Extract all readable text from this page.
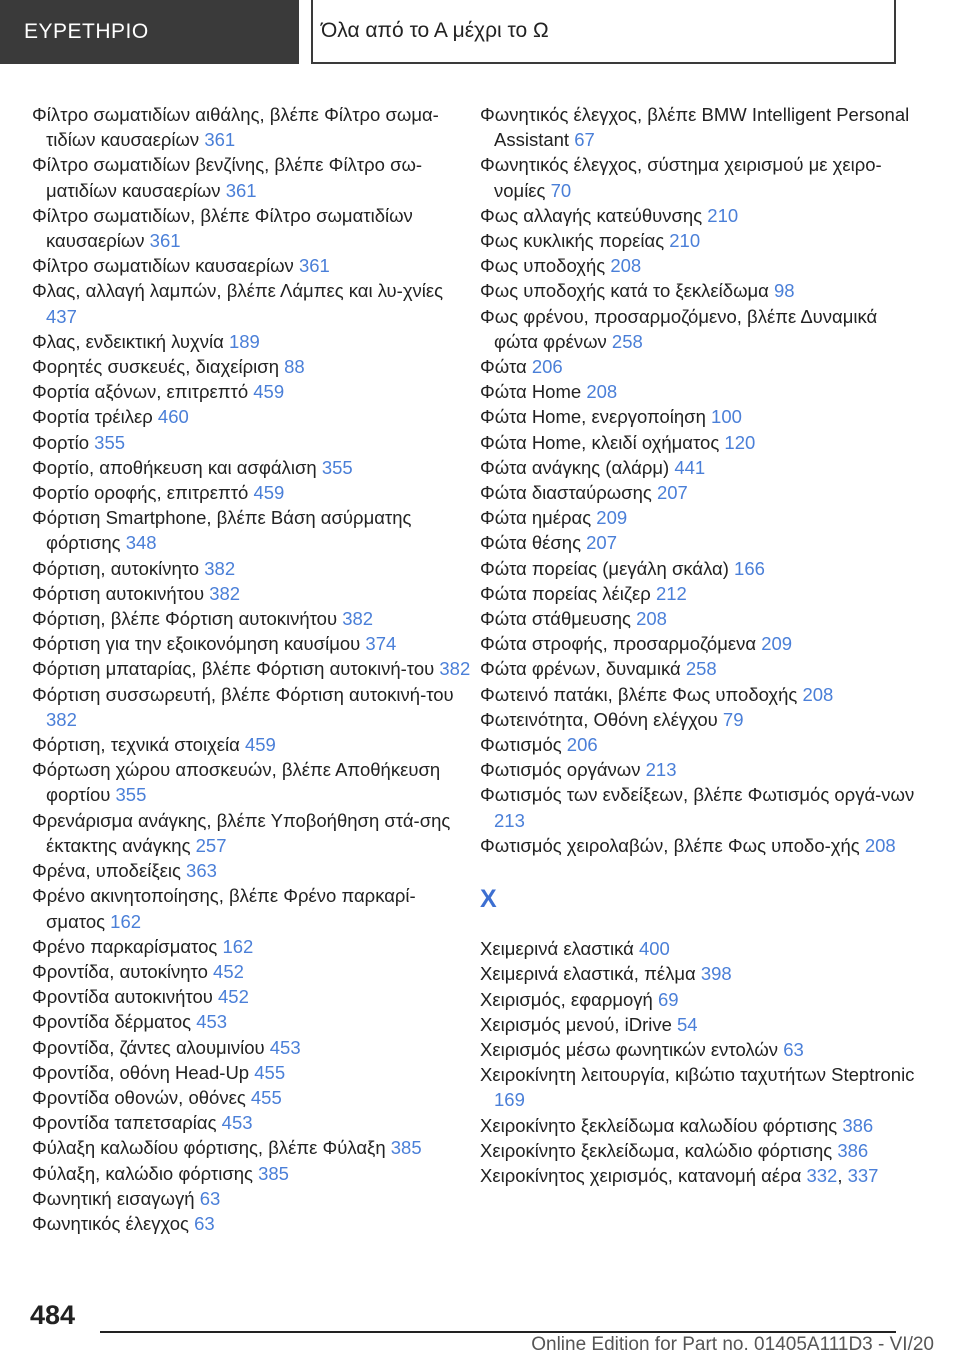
ΕΥΡΕΤΗΡΙΟ	Όλα από το Α μέχρι το Ω
Φίλτρο σωματιδίων αιθάλης, βλέπε Φίλτρο σωμα-τιδίων καυσαερίων 361
Φίλτρο σωματιδίων βενζίνης, βλέπε Φίλτρο σω-ματιδίων καυσαερίων 361
Φίλτρο σωματιδίων, βλέπε Φίλτρο σωματιδίων καυσαερίων 361
Φίλτρο σωματιδίων καυσαερίων 361
Φλας, αλλαγή λαμπών, βλέπε Λάμπες και λυ-χνίες 437
Φλας, ενδεικτική λυχνία 189
Φορητές συσκευές, διαχείριση 88
Φορτία αξόνων, επιτρεπτό 459
Φορτία τρέιλερ 460
Φορτίο 355
Φορτίο, αποθήκευση και ασφάλιση 355
Φορτίο οροφής, επιτρεπτό 459
Φόρτιση Smartphone, βλέπε Βάση ασύρματης φόρτισης 348
Φόρτιση, αυτοκίνητο 382
Φόρτιση αυτοκινήτου 382
Φόρτιση, βλέπε Φόρτιση αυτοκινήτου 382
Φόρτιση για την εξοικονόμηση καυσίμου 374
Φόρτιση μπαταρίας, βλέπε Φόρτιση αυτοκινή-του 382
Φόρτιση συσσωρευτή, βλέπε Φόρτιση αυτοκινή-του 382
Φόρτιση, τεχνικά στοιχεία 459
Φόρτωση χώρου αποσκευών, βλέπε Αποθήκευση φορτίου 355
Φρενάρισμα ανάγκης, βλέπε Υποβοήθηση στά-σης έκτακτης ανάγκης 257
Φρένα, υποδείξεις 363
Φρένο ακινητοποίησης, βλέπε Φρένο παρκαρί-σματος 162
Φρένο παρκαρίσματος 162
Φροντίδα, αυτοκίνητο 452
Φροντίδα αυτοκινήτου 452
Φροντίδα δέρματος 453
Φροντίδα, ζάντες αλουμινίου 453
Φροντίδα, οθόνη Head-Up 455
Φροντίδα οθονών, οθόνες 455
Φροντίδα ταπετσαρίας 453
Φύλαξη καλωδίου φόρτισης, βλέπε Φύλαξη 385
Φύλαξη, καλώδιο φόρτισης 385
Φωνητική εισαγωγή 63
Φωνητικός έλεγχος 63
Φωνητικός έλεγχος, βλέπε BMW Intelligent Personal Assistant 67
Φωνητικός έλεγχος, σύστημα χειρισμού με χειρο-νομίες 70
Φως αλλαγής κατεύθυνσης 210
Φως κυκλικής πορείας 210
Φως υποδοχής 208
Φως υποδοχής κατά το ξεκλείδωμα 98
Φως φρένου, προσαρμοζόμενο, βλέπε Δυναμικά φώτα φρένων 258
Φώτα 206
Φώτα Home 208
Φώτα Home, ενεργοποίηση 100
Φώτα Home, κλειδί οχήματος 120
Φώτα ανάγκης (αλάρμ) 441
Φώτα διασταύρωσης 207
Φώτα ημέρας 209
Φώτα θέσης 207
Φώτα πορείας (μεγάλη σκάλα) 166
Φώτα πορείας λέιζερ 212
Φώτα στάθμευσης 208
Φώτα στροφής, προσαρμοζόμενα 209
Φώτα φρένων, δυναμικά 258
Φωτεινό πατάκι, βλέπε Φως υποδοχής 208
Φωτεινότητα, Οθόνη ελέγχου 79
Φωτισμός 206
Φωτισμός οργάνων 213
Φωτισμός των ενδείξεων, βλέπε Φωτισμός οργά-νων 213
Φωτισμός χειρολαβών, βλέπε Φως υποδο-χής 208
Χ
Χειμερινά ελαστικά 400
Χειμερινά ελαστικά, πέλμα 398
Χειρισμός, εφαρμογή 69
Χειρισμός μενού, iDrive 54
Χειρισμός μέσω φωνητικών εντολών 63
Χειροκίνητη λειτουργία, κιβώτιο ταχυτήτων Steptronic 169
Χειροκίνητο ξεκλείδωμα καλωδίου φόρτισης 386
Χειροκίνητο ξεκλείδωμα, καλώδιο φόρτισης 386
Χειροκίνητος χειρισμός, κατανομή αέρα 332, 337
484
Online Edition for Part no. 01405A111D3 - VI/20
